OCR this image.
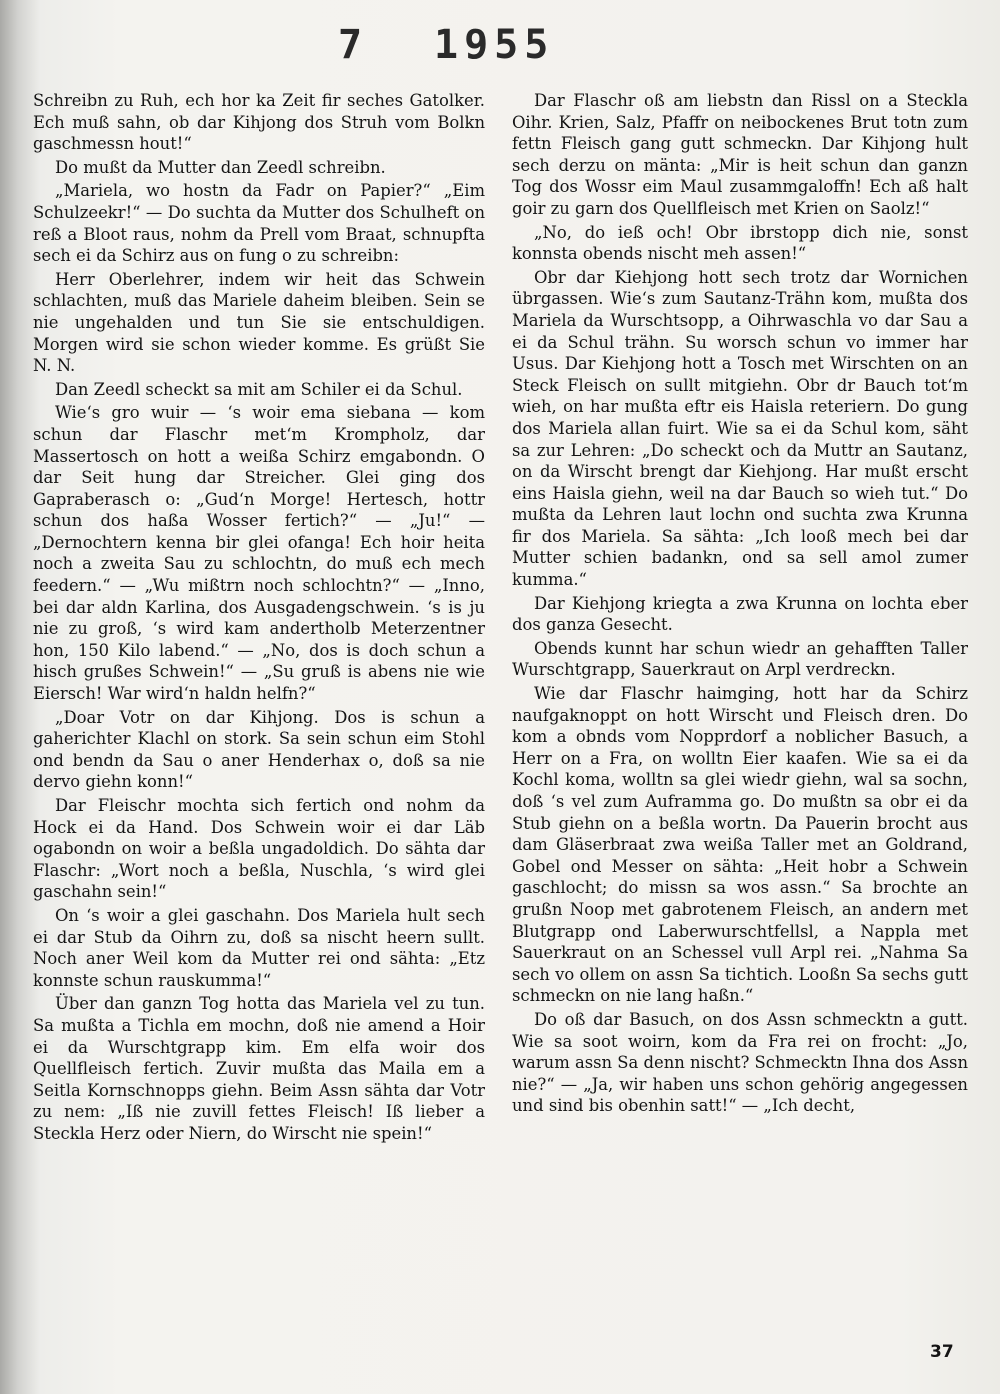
7 1955

Schreibn zu Ruh, ech hor ka Zeit fir seches Gatolker. Ech muß sahn, ob dar Kihjong dos Struh vom Bolkn gaschmessn hout!“

Do mußt da Mutter dan Zeedl schreibn.

„Mariela, wo hostn da Fadr on Papier?“ „Eim Schulzeekr!“ — Do suchta da Mutter dos Schulheft on reß a Bloot raus, nohm da Prell vom Braat, schnupfta sech ei da Schirz aus on fung o zu schreibn:

Herr Oberlehrer, indem wir heit das Schwein schlachten, muß das Mariele daheim bleiben. Sein se nie ungehalden und tun Sie sie entschuldigen. Morgen wird sie schon wieder komme. Es grüßt Sie N. N.

Dan Zeedl scheckt sa mit am Schiler ei da Schul.

Wie‘s gro wuir — ‘s woir ema siebana — kom schun dar Flaschr met‘m Krompholz, dar Massertosch on hott a weißa Schirz emgabondn. O dar Seit hung dar Streicher. Glei ging dos Gapraberasch o: „Gud‘n Morge! Hertesch, hottr schun dos haßa Wosser fertich?“ — „Ju!“ — „Dernochtern kenna bir glei ofanga! Ech hoir heita noch a zweita Sau zu schlochtn, do muß ech mech feedern.“ — „Wu mißtrn noch schlochtn?“ — „Inno, bei dar aldn Karlina, dos Ausgadengschwein. ‘s is ju nie zu groß, ‘s wird kam andertholb Meterzentner hon, 150 Kilo labend.“ — „No, dos is doch schun a hisch grußes Schwein!“ — „Su gruß is abens nie wie Eiersch! War wird‘n haldn helfn?“

„Doar Votr on dar Kihjong. Dos is schun a gaherichter Klachl on stork. Sa sein schun eim Stohl ond bendn da Sau o aner Henderhax o, doß sa nie dervo giehn konn!“

Dar Fleischr mochta sich fertich ond nohm da Hock ei da Hand. Dos Schwein woir ei dar Läb ogabondn on woir a beßla ungadoldich. Do sähta dar Flaschr: „Wort noch a beßla, Nuschla, ‘s wird glei gaschahn sein!“

On ‘s woir a glei gaschahn. Dos Mariela hult sech ei dar Stub da Oihrn zu, doß sa nischt heern sullt. Noch aner Weil kom da Mutter rei ond sähta: „Etz konnste schun rauskumma!“

Über dan ganzn Tog hotta das Mariela vel zu tun. Sa mußta a Tichla em mochn, doß nie amend a Hoir ei da Wurschtgrapp kim. Em elfa woir dos Quellfleisch fertich. Zuvir mußta das Maila em a Seitla Kornschnopps giehn. Beim Assn sähta dar Votr zu nem: „Iß nie zuvill fettes Fleisch! Iß lieber a Steckla Herz oder Niern, do Wirscht nie spein!“

Dar Flaschr oß am liebstn dan Rissl on a Steckla Oihr. Krien, Salz, Pfaffr on neibockenes Brut totn zum fettn Fleisch gang gutt schmeckn. Dar Kihjong hult sech derzu on mänta: „Mir is heit schun dan ganzn Tog dos Wossr eim Maul zusammgaloffn! Ech aß halt goir zu garn dos Quellfleisch met Krien on Saolz!“

„No, do ieß och! Obr ibrstopp dich nie, sonst konnsta obends nischt meh assen!“

Obr dar Kiehjong hott sech trotz dar Wornichen übrgassen. Wie‘s zum Sautanz-Trähn kom, mußta dos Mariela da Wurschtsopp, a Oihrwaschla vo dar Sau a ei da Schul trähn. Su worsch schun vo immer har Usus. Dar Kiehjong hott a Tosch met Wirschten on an Steck Fleisch on sullt mitgiehn. Obr dr Bauch tot‘m wieh, on har mußta eftr eis Haisla reteriern. Do gung dos Mariela allan fuirt. Wie sa ei da Schul kom, säht sa zur Lehren: „Do scheckt och da Muttr an Sautanz, on da Wirscht brengt dar Kiehjong. Har mußt erscht eins Haisla giehn, weil na dar Bauch so wieh tut.“ Do mußta da Lehren laut lochn ond suchta zwa Krunna fir dos Mariela. Sa sähta: „Ich looß mech bei dar Mutter schien badankn, ond sa sell amol zumer kumma.“

Dar Kiehjong kriegta a zwa Krunna on lochta eber dos ganza Gesecht.

Obends kunnt har schun wiedr an gehafften Taller Wurschtgrapp, Sauerkraut on Arpl verdreckn.

Wie dar Flaschr haimging, hott har da Schirz naufgaknoppt on hott Wirscht und Fleisch dren. Do kom a obnds vom Nopprdorf a noblicher Basuch, a Herr on a Fra, on wolltn Eier kaafen. Wie sa ei da Kochl koma, wolltn sa glei wiedr giehn, wal sa sochn, doß ‘s vel zum Auframma go. Do mußtn sa obr ei da Stub giehn on a beßla wortn. Da Pauerin brocht aus dam Gläserbraat zwa weißa Taller met an Goldrand, Gobel ond Messer on sähta: „Heit hobr a Schwein gaschlocht; do missn sa wos assn.“ Sa brochte an grußn Noop met gabrotenem Fleisch, an andern met Blutgrapp ond Laberwurschtfellsl, a Nappla met Sauerkraut on an Schessel vull Arpl rei. „Nahma Sa sech vo ollem on assn Sa tichtich. Looßn Sa sechs gutt schmeckn on nie lang haßn.“

Do oß dar Basuch, on dos Assn schmecktn a gutt. Wie sa soot woirn, kom da Fra rei on frocht: „Jo, warum assn Sa denn nischt? Schmecktn Ihna dos Assn nie?“ — „Ja, wir haben uns schon gehörig angegessen und sind bis obenhin satt!“ — „Ich decht,

37
